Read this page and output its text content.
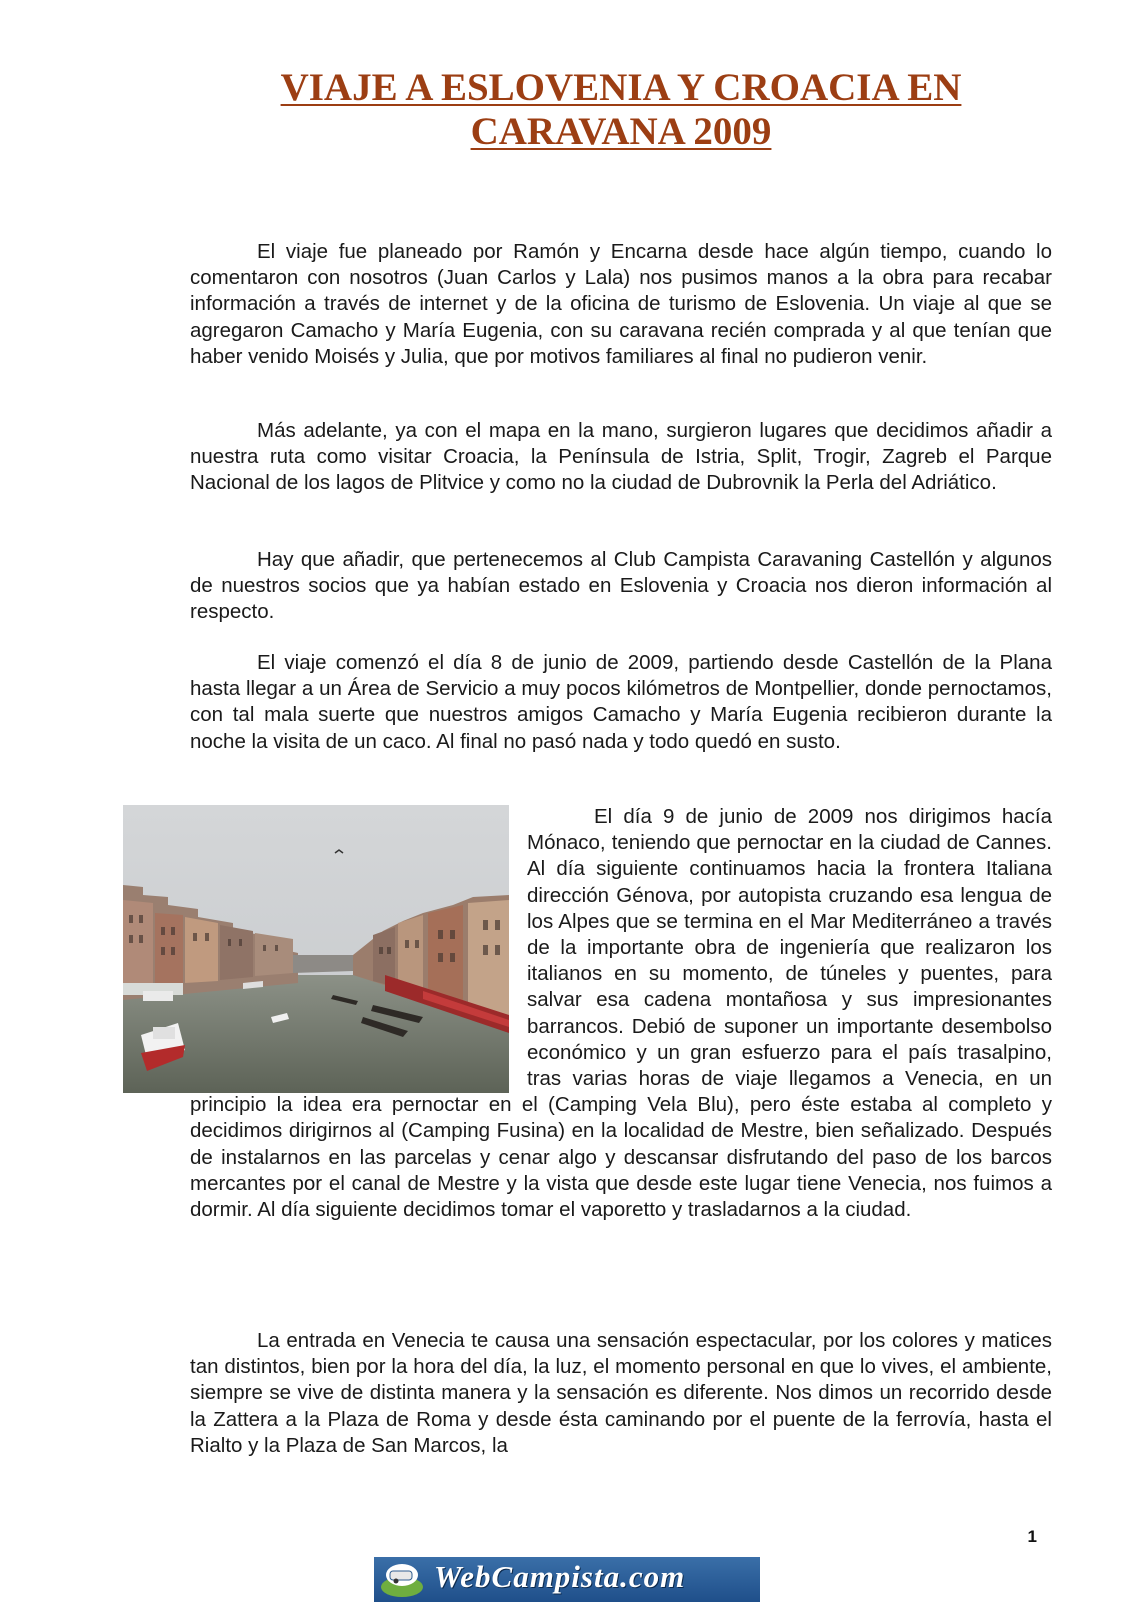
VIAJE A ESLOVENIA Y CROACIA EN CARAVANA 2009

El viaje fue planeado por Ramón y Encarna desde hace algún tiempo, cuando lo comentaron con nosotros (Juan Carlos y Lala) nos pusimos manos a la obra para recabar información a través de internet y de la oficina de turismo de Eslovenia. Un viaje al que se agregaron Camacho y María Eugenia, con su caravana recién comprada y al que tenían que haber venido Moisés y Julia, que por motivos familiares al final no pudieron venir.

Más adelante, ya con el mapa en la mano, surgieron lugares que decidimos añadir a nuestra ruta como visitar Croacia, la Península de Istria, Split, Trogir, Zagreb el Parque Nacional de los lagos de Plitvice y como no la ciudad de Dubrovnik la Perla del Adriático.

Hay que añadir, que pertenecemos al Club Campista Caravaning Castellón y algunos de nuestros socios que ya habían estado en Eslovenia y Croacia nos dieron información al respecto.

El viaje comenzó el día 8 de junio de 2009, partiendo desde Castellón de la Plana hasta llegar a un Área de Servicio a muy pocos kilómetros de Montpellier, donde pernoctamos, con tal mala suerte que nuestros amigos Camacho y María Eugenia recibieron durante la noche la visita de un caco. Al final no pasó nada y todo quedó en susto.

El día 9 de junio de 2009 nos dirigimos hacía Mónaco, teniendo que pernoctar en la ciudad de Cannes. Al día siguiente continuamos hacia la frontera Italiana dirección Génova, por autopista cruzando esa lengua de los Alpes que se termina en el Mar Mediterráneo a través de la importante obra de ingeniería que realizaron los italianos en su momento, de túneles y puentes, para salvar esa cadena montañosa y sus impresionantes barrancos. Debió de suponer un importante desembolso económico y un gran esfuerzo para el país trasalpino, tras varias horas de viaje llegamos a Venecia, en un principio la idea era pernoctar en el (Camping Vela Blu), pero éste estaba al completo y decidimos dirigirnos al (Camping Fusina) en la localidad de Mestre, bien señalizado. Después de instalarnos en las parcelas y cenar algo y descansar disfrutando del paso de los barcos mercantes por el canal de Mestre y la vista que desde este lugar tiene Venecia, nos fuimos a dormir. Al día siguiente decidimos tomar el vaporetto y trasladarnos a la ciudad.

La entrada en Venecia te causa una sensación espectacular, por los colores y matices tan distintos, bien por la hora del día, la luz, el momento personal en que lo vives, el ambiente, siempre se vive de distinta manera y la sensación es diferente. Nos dimos un recorrido desde la Zattera a la Plaza de Roma y desde ésta caminando por el puente de la ferrovía, hasta el Rialto y la Plaza de San Marcos, la

1
WebCampista.com
